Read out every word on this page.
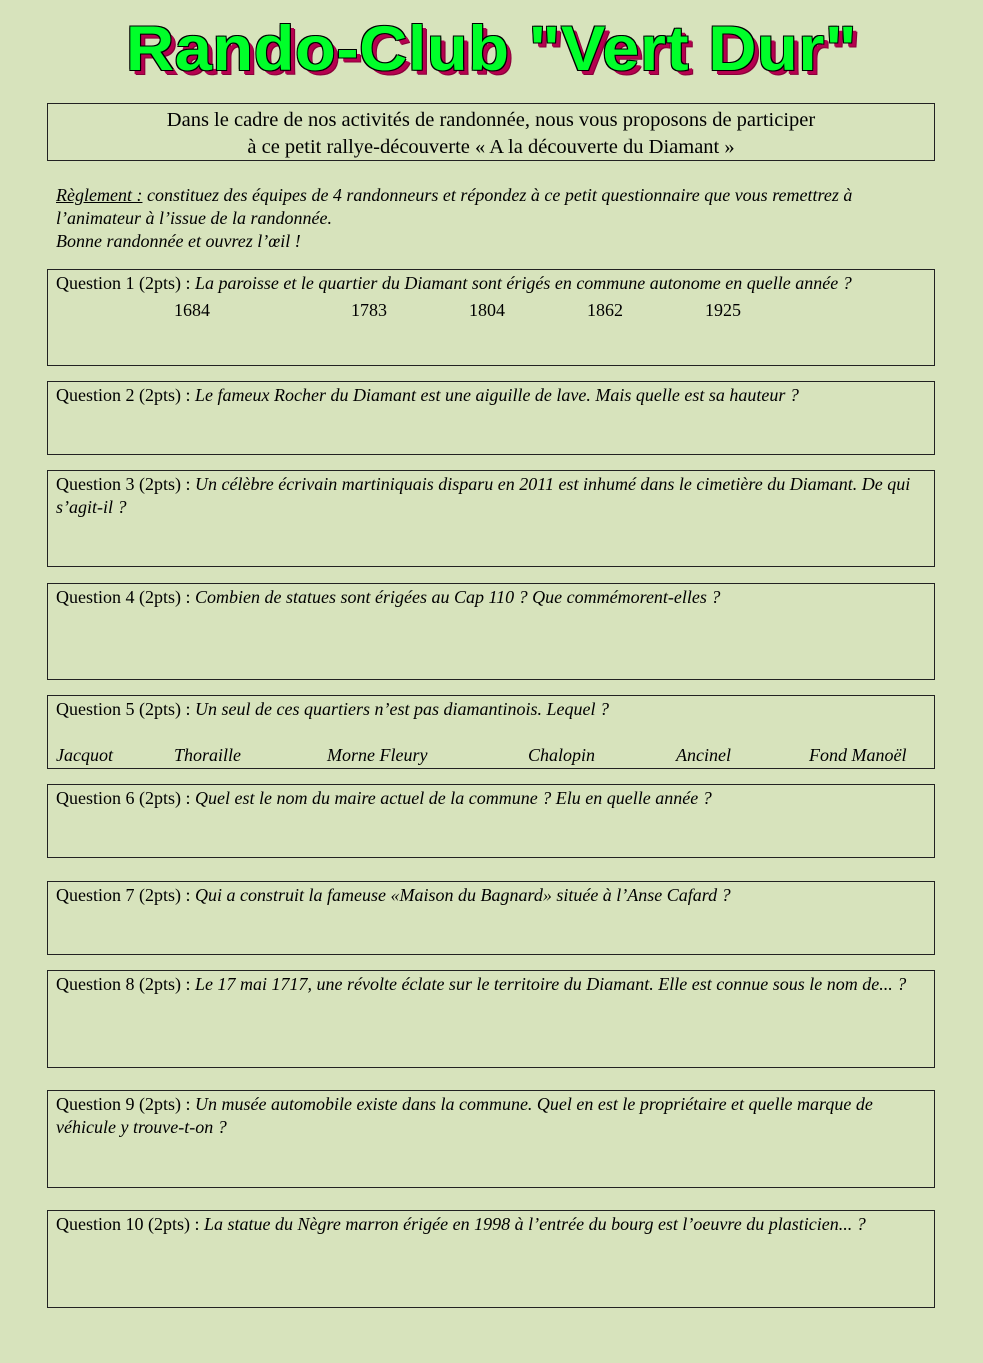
Rando-Club "Vert Dur"
Dans le cadre de nos activités de randonnée, nous vous proposons de participer
à ce petit rallye-découverte « A la découverte du Diamant »
Règlement : constituez des équipes de 4 randonneurs et répondez à ce petit questionnaire que vous remettrez à l’animateur à l’issue de la randonnée.
Bonne randonnée et ouvrez l’œil !
Question 1 (2pts) : La paroisse et le quartier du Diamant sont érigés en commune autonome en quelle année ?
1684	1783	1804	1862	1925
Question 2 (2pts) : Le fameux Rocher du Diamant est une aiguille de lave. Mais quelle est sa hauteur ?
Question 3 (2pts) : Un célèbre écrivain martiniquais disparu en 2011 est inhumé dans le cimetière du Diamant. De qui s’agit-il ?
Question 4 (2pts) : Combien de statues sont érigées au Cap 110 ? Que commémorent-elles ?
Question 5 (2pts) : Un seul de ces quartiers n’est pas diamantinois. Lequel ?
Jacquot	Thoraille	Morne Fleury	Chalopin	Ancinel	Fond Manoël
Question 6 (2pts) : Quel est le nom du maire actuel de la commune ? Elu en quelle année ?
Question 7 (2pts) : Qui a construit la fameuse «Maison du Bagnard» située à l’Anse Cafard ?
Question 8 (2pts) : Le 17 mai 1717, une révolte éclate sur le territoire du Diamant. Elle est connue sous le nom de... ?
Question 9 (2pts) : Un musée automobile existe dans la commune. Quel en est le propriétaire et quelle marque de véhicule y trouve-t-on ?
Question 10 (2pts) : La statue du Nègre marron érigée en 1998 à l’entrée du bourg est l’oeuvre du plasticien... ?
